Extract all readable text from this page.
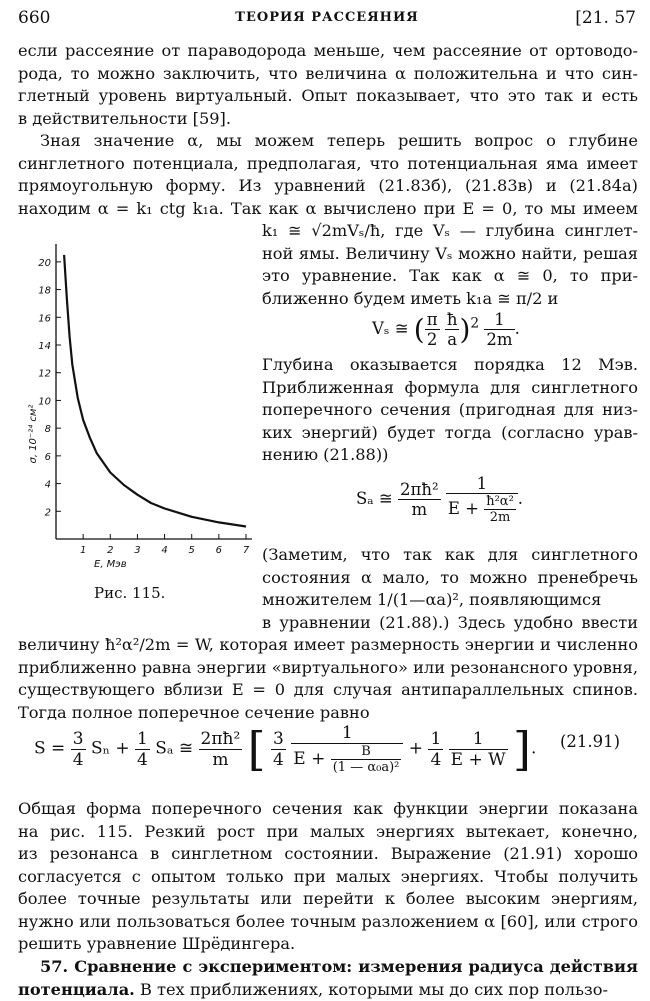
660	ТЕОРИЯ РАССЕЯНИЯ	[21. 57
если рассеяние от параводорода меньше, чем рассеяние от ортоводо-
рода, то можно заключить, что величина α положительна и что син-
глетный уровень виртуальный. Опыт показывает, что это так и есть
в действительности [59].
Зная значение α, мы можем теперь решить вопрос о глубине
синглетного потенциала, предполагая, что потенциальная яма имеет
прямоугольную форму. Из уравнений (21.83б), (21.83в) и (21.84а)
находим α = k₁ ctg k₁a. Так как α вычислено при E = 0, то мы имеем
2
4
6
8
10
12
14
16
18
20
1 2 3 4 5 6 7
σ, 10⁻²⁴ см²
E, Мэв
Рис. 115.
k₁ ≅ √2mVₛ/ħ, где Vₛ — глубина синглет-
ной ямы. Величину Vₛ можно найти, решая
это уравнение. Так как α ≅ 0, то при-
ближенно будем иметь k₁a ≅ π/2 и
Vₛ ≅ ( $\frac{\pi}{2}$
$\frac{ħ}{a} )^2 \frac{1}{2m}$ .
Глубина оказывается порядка 12 Мэв.
Приближенная формула для синглетного
поперечного сечения (пригодная для низ-
ких энергий) будет тогда (согласно урав-
нению (21.88))
Sₐ ≅ $\frac{\text{2πħ²}}{m}$
$\frac{1}{E + \frac{\text{ħ²α²}}{2m}}$ .
(Заметим, что так как для синглетного
состояния α мало, то можно пренебречь
множителем 1/(1—αa)², появляющимся
в уравнении (21.88).) Здесь удобно ввести
величину ħ²α²/2m = W, которая имеет размерность энергии и численно
приближенно равна энергии «виртуального» или резонансного уровня,
существующего вблизи E = 0 для случая антипараллельных спинов.
Тогда полное поперечное сечение равно
$S = \frac{3}{4}$ $S_n + \frac{1}{4}$ Sₐ ≅ $\frac{\text{2πħ²}}{m}$ [ $\frac{3}{4}$
$\frac{1}{E + \frac{B}{\text{(1 — α₀a)²}}} + \frac{1}{4}$
$\frac{1}{E + W}$ ]. (21.91)
Общая форма поперечного сечения как функции энергии показана
на рис. 115. Резкий рост при малых энергиях вытекает, конечно,
из резонанса в синглетном состоянии. Выражение (21.91) хорошо
согласуется с опытом только при малых энергиях. Чтобы получить
более точные результаты или перейти к более высоким энергиям,
нужно или пользоваться более точным разложением α [60], или строго
решить уравнение Шрёдингера.
57. Сравнение с экспериментом: измерения радиуса действия
потенциала. В тех приближениях, которыми мы до сих пор пользо-
